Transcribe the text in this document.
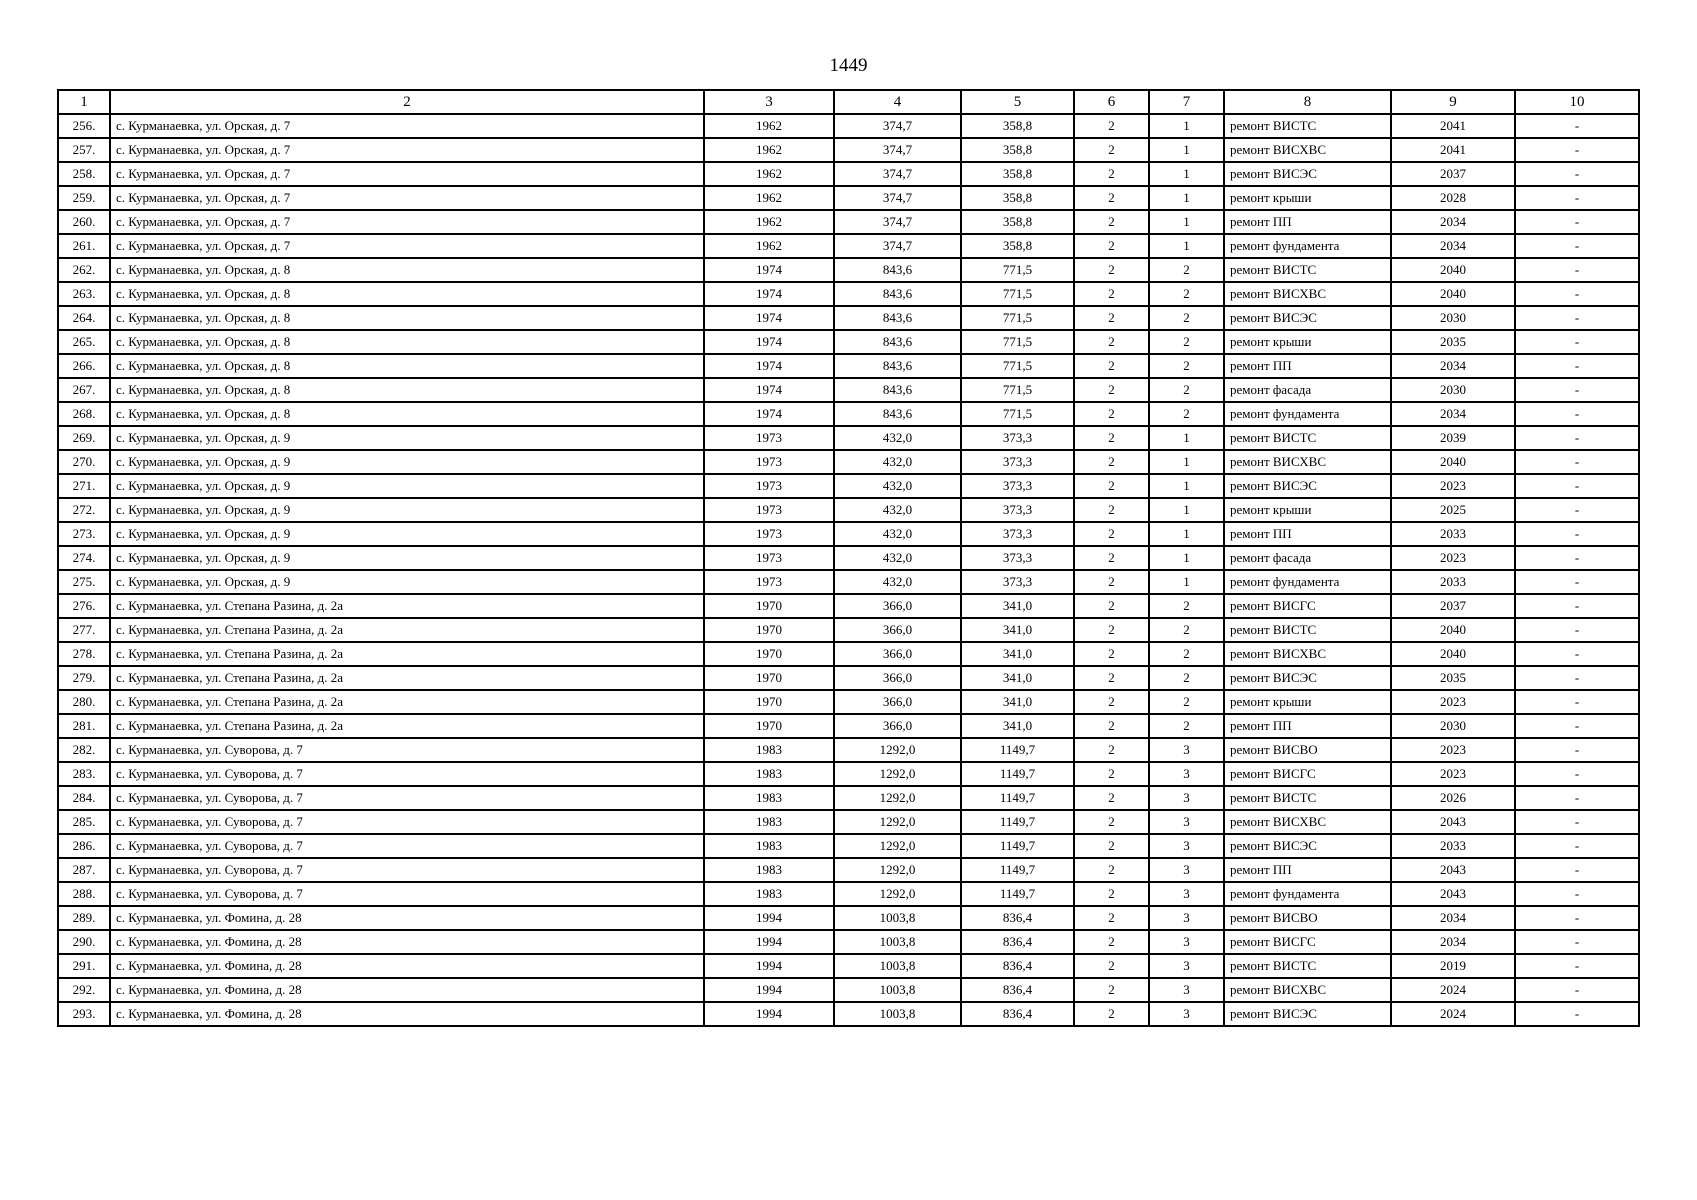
1449
1	2	3	4	5	6	7	8	9	10
256.	с. Курманаевка, ул. Орская, д. 7	1962	374,7	358,8	2	1	ремонт ВИСТС	2041	-
257.	с. Курманаевка, ул. Орская, д. 7	1962	374,7	358,8	2	1	ремонт ВИСХВС	2041	-
258.	с. Курманаевка, ул. Орская, д. 7	1962	374,7	358,8	2	1	ремонт ВИСЭС	2037	-
259.	с. Курманаевка, ул. Орская, д. 7	1962	374,7	358,8	2	1	ремонт крыши	2028	-
260.	с. Курманаевка, ул. Орская, д. 7	1962	374,7	358,8	2	1	ремонт ПП	2034	-
261.	с. Курманаевка, ул. Орская, д. 7	1962	374,7	358,8	2	1	ремонт фундамента	2034	-
262.	с. Курманаевка, ул. Орская, д. 8	1974	843,6	771,5	2	2	ремонт ВИСТС	2040	-
263.	с. Курманаевка, ул. Орская, д. 8	1974	843,6	771,5	2	2	ремонт ВИСХВС	2040	-
264.	с. Курманаевка, ул. Орская, д. 8	1974	843,6	771,5	2	2	ремонт ВИСЭС	2030	-
265.	с. Курманаевка, ул. Орская, д. 8	1974	843,6	771,5	2	2	ремонт крыши	2035	-
266.	с. Курманаевка, ул. Орская, д. 8	1974	843,6	771,5	2	2	ремонт ПП	2034	-
267.	с. Курманаевка, ул. Орская, д. 8	1974	843,6	771,5	2	2	ремонт фасада	2030	-
268.	с. Курманаевка, ул. Орская, д. 8	1974	843,6	771,5	2	2	ремонт фундамента	2034	-
269.	с. Курманаевка, ул. Орская, д. 9	1973	432,0	373,3	2	1	ремонт ВИСТС	2039	-
270.	с. Курманаевка, ул. Орская, д. 9	1973	432,0	373,3	2	1	ремонт ВИСХВС	2040	-
271.	с. Курманаевка, ул. Орская, д. 9	1973	432,0	373,3	2	1	ремонт ВИСЭС	2023	-
272.	с. Курманаевка, ул. Орская, д. 9	1973	432,0	373,3	2	1	ремонт крыши	2025	-
273.	с. Курманаевка, ул. Орская, д. 9	1973	432,0	373,3	2	1	ремонт ПП	2033	-
274.	с. Курманаевка, ул. Орская, д. 9	1973	432,0	373,3	2	1	ремонт фасада	2023	-
275.	с. Курманаевка, ул. Орская, д. 9	1973	432,0	373,3	2	1	ремонт фундамента	2033	-
276.	с. Курманаевка, ул. Степана Разина, д. 2а	1970	366,0	341,0	2	2	ремонт ВИСГС	2037	-
277.	с. Курманаевка, ул. Степана Разина, д. 2а	1970	366,0	341,0	2	2	ремонт ВИСТС	2040	-
278.	с. Курманаевка, ул. Степана Разина, д. 2а	1970	366,0	341,0	2	2	ремонт ВИСХВС	2040	-
279.	с. Курманаевка, ул. Степана Разина, д. 2а	1970	366,0	341,0	2	2	ремонт ВИСЭС	2035	-
280.	с. Курманаевка, ул. Степана Разина, д. 2а	1970	366,0	341,0	2	2	ремонт крыши	2023	-
281.	с. Курманаевка, ул. Степана Разина, д. 2а	1970	366,0	341,0	2	2	ремонт ПП	2030	-
282.	с. Курманаевка, ул. Суворова, д. 7	1983	1292,0	1149,7	2	3	ремонт ВИСВО	2023	-
283.	с. Курманаевка, ул. Суворова, д. 7	1983	1292,0	1149,7	2	3	ремонт ВИСГС	2023	-
284.	с. Курманаевка, ул. Суворова, д. 7	1983	1292,0	1149,7	2	3	ремонт ВИСТС	2026	-
285.	с. Курманаевка, ул. Суворова, д. 7	1983	1292,0	1149,7	2	3	ремонт ВИСХВС	2043	-
286.	с. Курманаевка, ул. Суворова, д. 7	1983	1292,0	1149,7	2	3	ремонт ВИСЭС	2033	-
287.	с. Курманаевка, ул. Суворова, д. 7	1983	1292,0	1149,7	2	3	ремонт ПП	2043	-
288.	с. Курманаевка, ул. Суворова, д. 7	1983	1292,0	1149,7	2	3	ремонт фундамента	2043	-
289.	с. Курманаевка, ул. Фомина, д. 28	1994	1003,8	836,4	2	3	ремонт ВИСВО	2034	-
290.	с. Курманаевка, ул. Фомина, д. 28	1994	1003,8	836,4	2	3	ремонт ВИСГС	2034	-
291.	с. Курманаевка, ул. Фомина, д. 28	1994	1003,8	836,4	2	3	ремонт ВИСТС	2019	-
292.	с. Курманаевка, ул. Фомина, д. 28	1994	1003,8	836,4	2	3	ремонт ВИСХВС	2024	-
293.	с. Курманаевка, ул. Фомина, д. 28	1994	1003,8	836,4	2	3	ремонт ВИСЭС	2024	-
